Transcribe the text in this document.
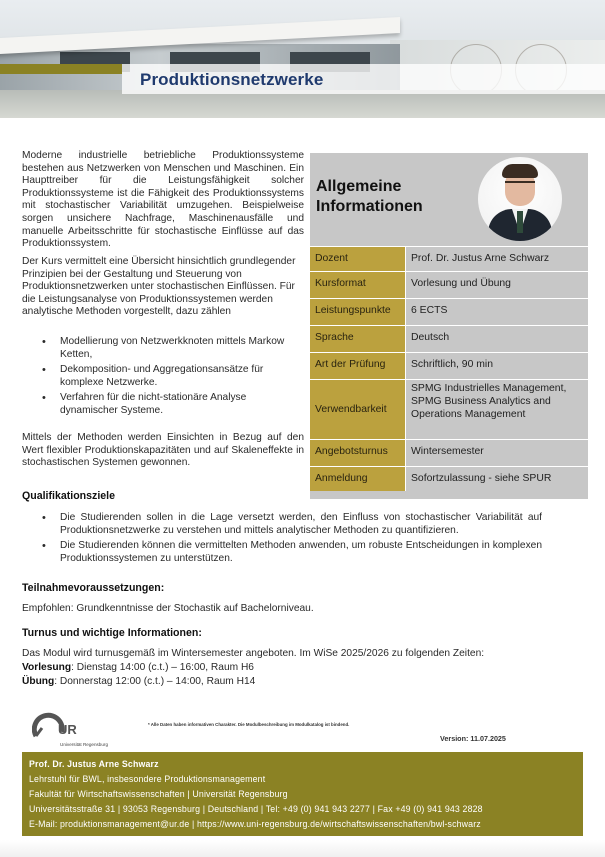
Produktionsnetzwerke
Moderne industrielle betriebliche Produktionssysteme bestehen aus Netzwerken von Menschen und Maschinen. Ein Haupttreiber für die Leistungsfähigkeit solcher Produktionssysteme ist die Fähigkeit des Produktionssystems mit stochastischer Variabilität umzugehen. Beispielweise sorgen unsichere Nachfrage, Maschinenausfälle und manuelle Arbeitsschritte für stochastische Einflüsse auf das Produktionssystem.
Der Kurs vermittelt eine Übersicht hinsichtlich grundlegender Prinzipien bei der Gestaltung und Steuerung von Produktionsnetzwerken unter stochastischen Einflüssen. Für die Leistungsanalyse von Produktionssystemen werden analytische Methoden vorgestellt, dazu zählen
• Modellierung von Netzwerkknoten mittels Markow Ketten,
• Dekomposition- und Aggregationsansätze für komplexe Netzwerke.
• Verfahren für die nicht-stationäre Analyse dynamischer Systeme.
Mittels der Methoden werden Einsichten in Bezug auf den Wert flexibler Produktionskapazitäten und auf Skaleneffekte in stochastischen Systemen gewonnen.
Allgemeine
Informationen
Dozent	Prof. Dr. Justus Arne Schwarz
Kursformat	Vorlesung und Übung
Leistungspunkte	6 ECTS
Sprache	Deutsch
Art der Prüfung	Schriftlich, 90 min
Verwendbarkeit	SPMG Industrielles Management, SPMG Business Analytics and Operations Management
Angebotsturnus	Wintersemester
Anmeldung	Sofortzulassung - siehe SPUR
Qualifikationsziele
• Die Studierenden sollen in die Lage versetzt werden, den Einfluss von stochastischer Variabilität auf Produktionsnetzwerke zu verstehen und mittels analytischer Methoden zu quantifizieren.
• Die Studierenden können die vermittelten Methoden anwenden, um robuste Entscheidungen in komplexen Produktionssystemen zu unterstützen.
Teilnahmevoraussetzungen:
Empfohlen: Grundkenntnisse der Stochastik auf Bachelorniveau.
Turnus und wichtige Informationen:
Das Modul wird turnusgemäß im Wintersemester angeboten. Im WiSe 2025/2026 zu folgenden Zeiten:
Vorlesung: Dienstag 14:00 (c.t.) – 16:00, Raum H6
Übung: Donnerstag 12:00 (c.t.) – 14:00, Raum H14
UR
Universität Regensburg
* Alle Daten haben informativen Charakter. Die Modulbeschreibung im Modulkatalog ist bindend.
Version: 11.07.2025
Prof. Dr. Justus Arne Schwarz
Lehrstuhl für BWL, insbesondere Produktionsmanagement
Fakultät für Wirtschaftswissenschaften | Universität Regensburg
Universitätsstraße 31 | 93053 Regensburg | Deutschland | Tel: +49 (0) 941 943 2277 | Fax +49 (0) 941 943 2828
E-Mail: produktionsmanagement@ur.de | https://www.uni-regensburg.de/wirtschaftswissenschaften/bwl-schwarz
